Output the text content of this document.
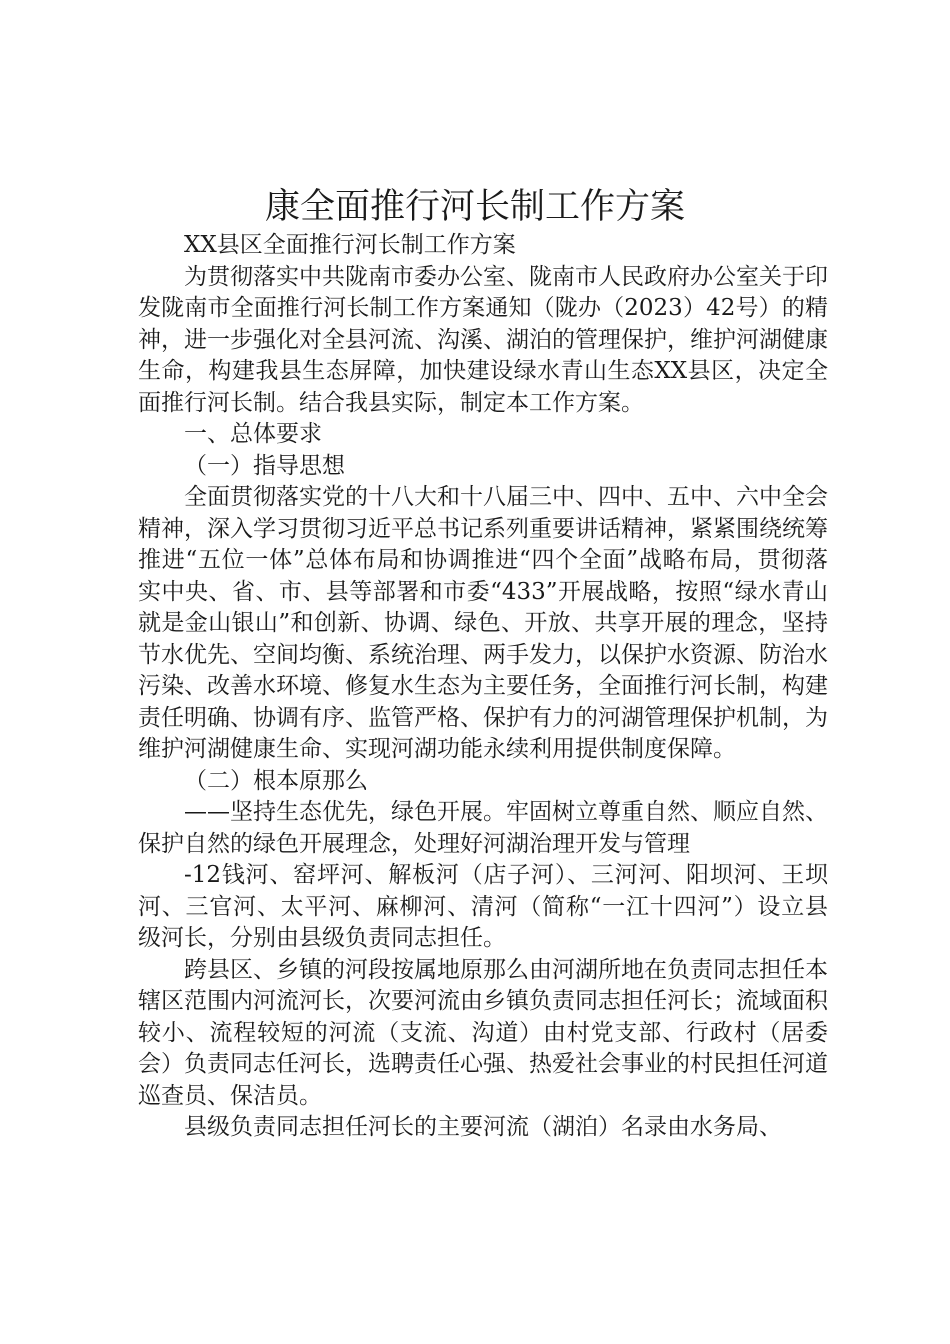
康全面推行河长制工作方案

XX县区全面推行河长制工作方案

为贯彻落实中共陇南市委办公室、陇南市人民政府办公室关于印发陇南市全面推行河长制工作方案通知（陇办（2023）42号）的精神，进一步强化对全县河流、沟溪、湖泊的管理保护，维护河湖健康生命，构建我县生态屏障，加快建设绿水青山生态XX县区，决定全面推行河长制。结合我县实际，制定本工作方案。

一、总体要求

（一）指导思想

全面贯彻落实党的十八大和十八届三中、四中、五中、六中全会精神，深入学习贯彻习近平总书记系列重要讲话精神，紧紧围绕统筹推进“五位一体”总体布局和协调推进“四个全面”战略布局，贯彻落实中央、省、市、县等部署和市委“433”开展战略，按照“绿水青山就是金山银山”和创新、协调、绿色、开放、共享开展的理念，坚持节水优先、空间均衡、系统治理、两手发力，以保护水资源、防治水污染、改善水环境、修复水生态为主要任务，全面推行河长制，构建责任明确、协调有序、监管严格、保护有力的河湖管理保护机制，为维护河湖健康生命、实现河湖功能永续利用提供制度保障。

（二）根本原那么

——坚持生态优先，绿色开展。牢固树立尊重自然、顺应自然、保护自然的绿色开展理念，处理好河湖治理开发与管理

-12钱河、窑坪河、解板河（店子河）、三河河、阳坝河、王坝河、三官河、太平河、麻柳河、清河（简称“一江十四河”）设立县级河长，分别由县级负责同志担任。

跨县区、乡镇的河段按属地原那么由河湖所地在负责同志担任本辖区范围内河流河长，次要河流由乡镇负责同志担任河长；流域面积较小、流程较短的河流（支流、沟道）由村党支部、行政村（居委会）负责同志任河长，选聘责任心强、热爱社会事业的村民担任河道巡查员、保洁员。

县级负责同志担任河长的主要河流（湖泊）名录由水务局、
